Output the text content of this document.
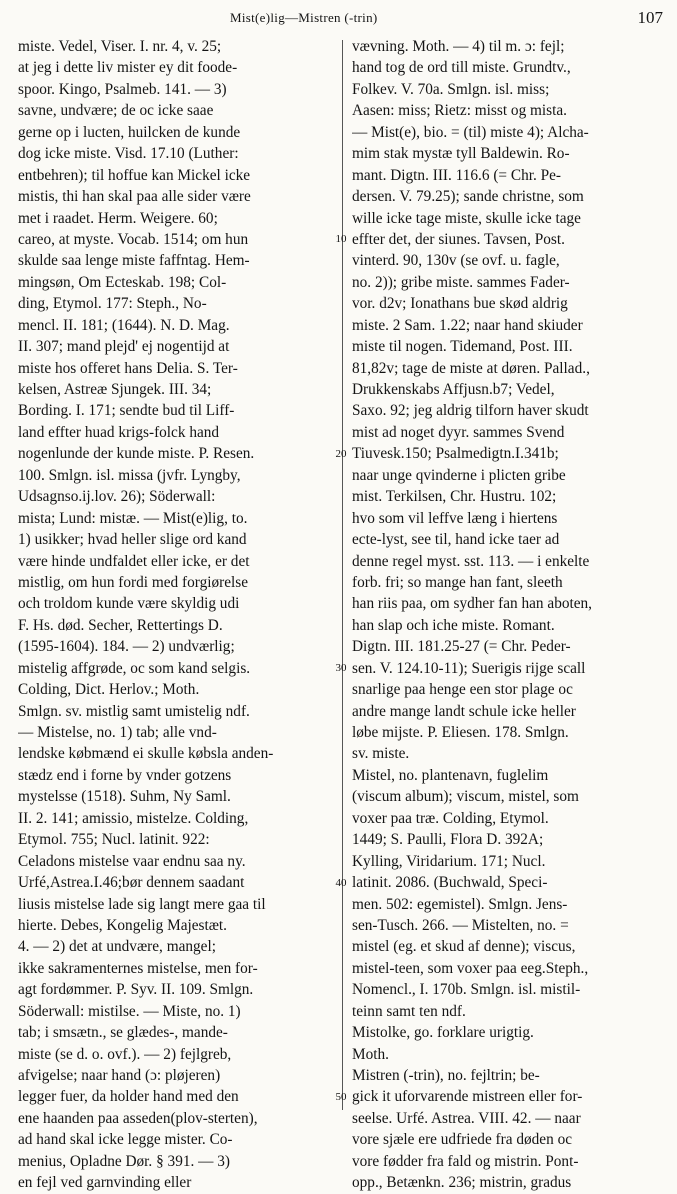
Mist(e)lig—Mistren (-trin)	107
miste. Vedel, Viser. I. nr. 4, v. 25;
at jeg i dette liv mister ey dit foode-
spoor. Kingo, Psalmeb. 141. — 3)
savne, undvære; de oc icke saae
gerne op i lucten, huilcken de kunde
dog icke miste. Visd. 17.10 (Luther:
entbehren); til hoffue kan Mickel icke
mistis, thi han skal paa alle sider være
met i raadet. Herm. Weigere. 60;
careo, at myste. Vocab. 1514; om hun
skulde saa lenge miste faffntag. Hem-
mingsøn, Om Ecteskab. 198; Col-
ding, Etymol. 177: Steph., No-
mencl. II. 181; (1644). N. D. Mag.
II. 307; mand plejd' ej nogentijd at
miste hos offeret hans Delia. S. Ter-
kelsen, Astreæ Sjungek. III. 34;
Bording. I. 171; sendte bud til Liff-
land effter huad krigs-folck hand
nogenlunde der kunde miste. P. Resen.
100. Smlgn. isl. missa (jvfr. Lyngby,
Udsagnso.ij.lov. 26); Söderwall:
mista; Lund: mistæ. — Mist(e)lig, to.
1) usikker; hvad heller slige ord kand
være hinde undfaldet eller icke, er det
mistlig, om hun fordi med forgiørelse
och troldom kunde være skyldig udi
F. Hs. død. Secher, Rettertings D.
(1595-1604). 184. — 2) undværlig;
mistelig affgrøde, oc som kand selgis.
Colding, Dict. Herlov.; Moth.
Smlgn. sv. mistlig samt umistelig ndf.
— Mistelse, no. 1) tab; alle vnd-
lendske købmænd ei skulle købsla anden-
stædz end i forne by vnder gotzens
mystelsse (1518). Suhm, Ny Saml.
II. 2. 141; amissio, mistelze. Colding,
Etymol. 755; Nucl. latinit. 922:
Celadons mistelse vaar endnu saa ny.
Urfé,Astrea.I.46;bør dennem saadant
liusis mistelse lade sig langt mere gaa til
hierte. Debes, Kongelig Majestæt.
4. — 2) det at undvære, mangel;
ikke sakramenternes mistelse, men for-
agt fordømmer. P. Syv. II. 109. Smlgn.
Söderwall: mistilse. — Miste, no. 1)
tab; i smsætn., se glædes-, mande-
miste (se d. o. ovf.). — 2) fejlgreb,
afvigelse; naar hand (ɔ: pløjeren)
legger fuer, da holder hand med den
ene haanden paa asseden(plov-sterten),
ad hand skal icke legge mister. Co-
menius, Opladne Dør. § 391. — 3)
en fejl ved garnvinding eller
vævning. Moth. — 4) til m. ɔ: fejl;
hand tog de ord till miste. Grundtv.,
Folkev. V. 70a. Smlgn. isl. miss;
Aasen: miss; Rietz: misst og mista.
— Mist(e), bio. = (til) miste 4); Alcha-
mim stak mystæ tyll Baldewin. Ro-
mant. Digtn. III. 116.6 (= Chr. Pe-
dersen. V. 79.25); sande christne, som
wille icke tage miste, skulle icke tage
effter det, der siunes. Tavsen, Post.
vinterd. 90, 130v (se ovf. u. fagle,
no. 2)); gribe miste. sammes Fader-
vor. d2v; Ionathans bue skød aldrig
miste. 2 Sam. 1.22; naar hand skiuder
miste til nogen. Tidemand, Post. III.
81,82v; tage de miste at døren. Pallad.,
Drukkenskabs Affjusn.b7; Vedel,
Saxo. 92; jeg aldrig tilforn haver skudt
mist ad noget dyyr. sammes Svend
Tiuvesk.150; Psalmedigtn.I.341b;
naar unge qvinderne i plicten gribe
mist. Terkilsen, Chr. Hustru. 102;
hvo som vil leffve læng i hiertens
ecte-lyst, see til, hand icke taer ad
denne regel myst. sst. 113. — i enkelte
forb. fri; so mange han fant, sleeth
han riis paa, om sydher fan han aboten,
han slap och iche miste. Romant.
Digtn. III. 181.25-27 (= Chr. Peder-
sen. V. 124.10-11); Suerigis rijge scall
snarlige paa henge een stor plage oc
andre mange landt schule icke heller
løbe mijste. P. Eliesen. 178. Smlgn.
sv. miste.
Mistel, no. plantenavn, fuglelim
(viscum album); viscum, mistel, som
voxer paa træ. Colding, Etymol.
1449; S. Paulli, Flora D. 392A;
Kylling, Viridarium. 171; Nucl.
latinit. 2086. (Buchwald, Speci-
men. 502: egemistel). Smlgn. Jens-
sen-Tusch. 266. — Mistelten, no. =
mistel (eg. et skud af denne); viscus,
mistel-teen, som voxer paa eeg.Steph.,
Nomencl., I. 170b. Smlgn. isl. mistil-
teinn samt ten ndf.
Mistolke, go. forklare urigtig.
Moth.
Mistren (-trin), no. fejltrin; be-
gick it uforvarende mistreen eller for-
seelse. Urfé. Astrea. VIII. 42. — naar
vore sjæle ere udfriede fra døden oc
vore fødder fra fald og mistrin. Pont-
opp., Betænkn. 236; mistrin, gradus
10
20
30
40
50
